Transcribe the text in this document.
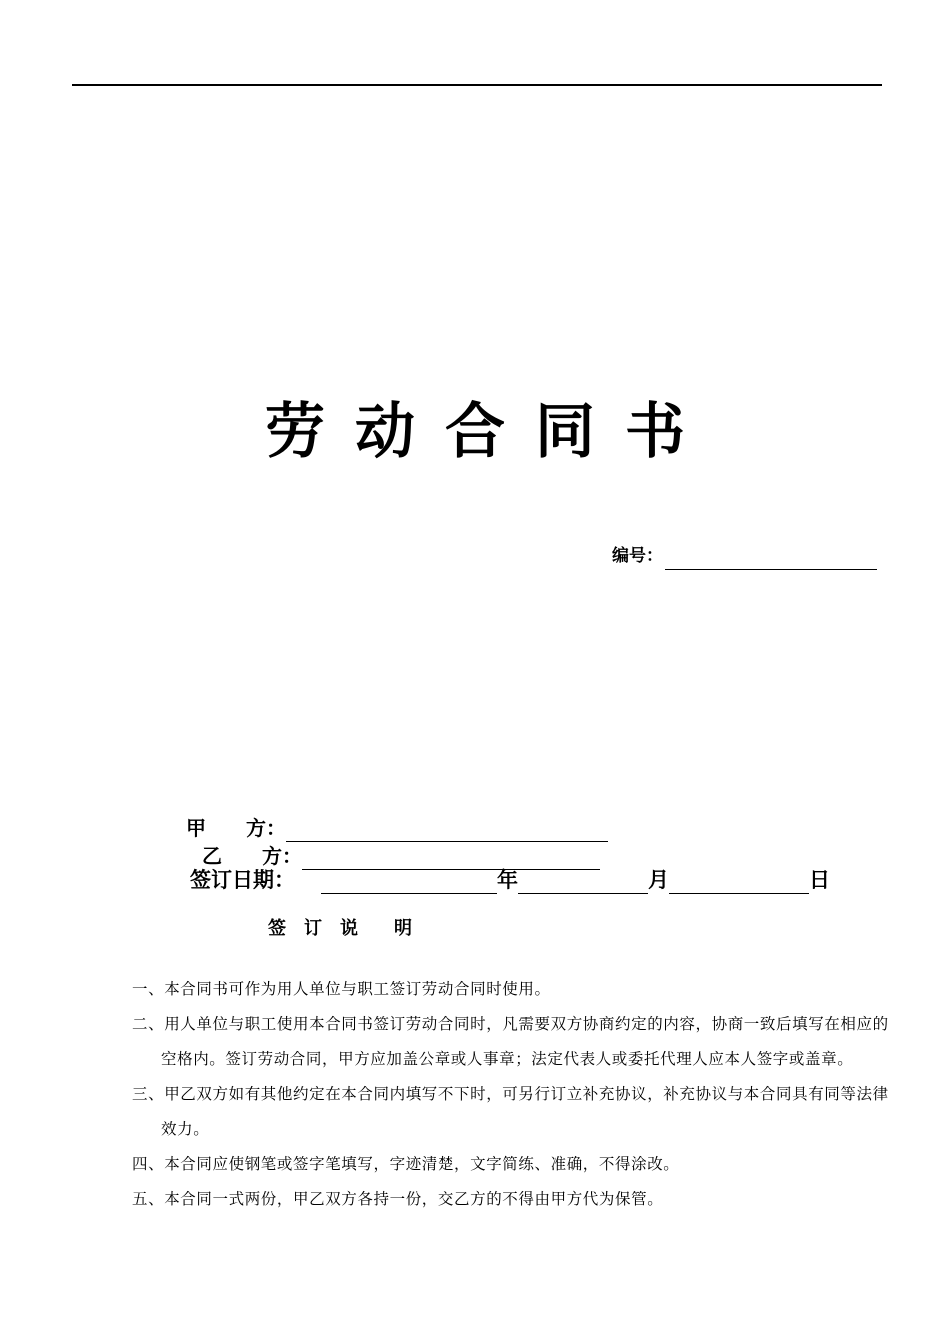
劳动合同书
编号：
甲　　方：
乙　　方：
签订日期：	年	月	日
签　订　说　　明
一、本合同书可作为用人单位与职工签订劳动合同时使用。
二、用人单位与职工使用本合同书签订劳动合同时，凡需要双方协商约定的内容，协商一致后填写在相应的空格内。签订劳动合同，甲方应加盖公章或人事章；法定代表人或委托代理人应本人签字或盖章。
三、甲乙双方如有其他约定在本合同内填写不下时，可另行订立补充协议，补充协议与本合同具有同等法律效力。
四、本合同应使钢笔或签字笔填写，字迹清楚，文字简练、准确，不得涂改。
五、本合同一式两份，甲乙双方各持一份，交乙方的不得由甲方代为保管。
